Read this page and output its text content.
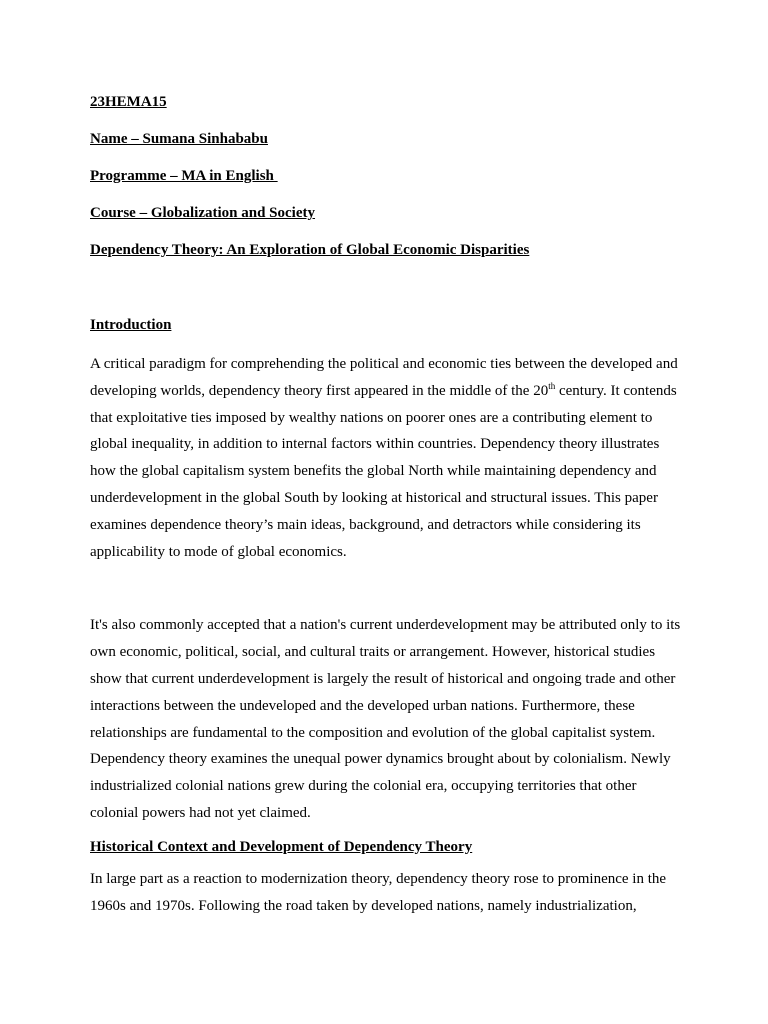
23HEMA15

Name – Sumana Sinhababu

Programme – MA in English

Course – Globalization and Society

Dependency Theory: An Exploration of Global Economic Disparities

Introduction

A critical paradigm for comprehending the political and economic ties between the developed and developing worlds, dependency theory first appeared in the middle of the 20th century. It contends that exploitative ties imposed by wealthy nations on poorer ones are a contributing element to global inequality, in addition to internal factors within countries. Dependency theory illustrates how the global capitalism system benefits the global North while maintaining dependency and underdevelopment in the global South by looking at historical and structural issues. This paper examines dependence theory’s main ideas, background, and detractors while considering its applicability to mode of global economics.

It's also commonly accepted that a nation's current underdevelopment may be attributed only to its own economic, political, social, and cultural traits or arrangement. However, historical studies show that current underdevelopment is largely the result of historical and ongoing trade and other interactions between the undeveloped and the developed urban nations. Furthermore, these relationships are fundamental to the composition and evolution of the global capitalist system. Dependency theory examines the unequal power dynamics brought about by colonialism. Newly industrialized colonial nations grew during the colonial era, occupying territories that other colonial powers had not yet claimed.

Historical Context and Development of Dependency Theory

In large part as a reaction to modernization theory, dependency theory rose to prominence in the 1960s and 1970s. Following the road taken by developed nations, namely industrialization,
